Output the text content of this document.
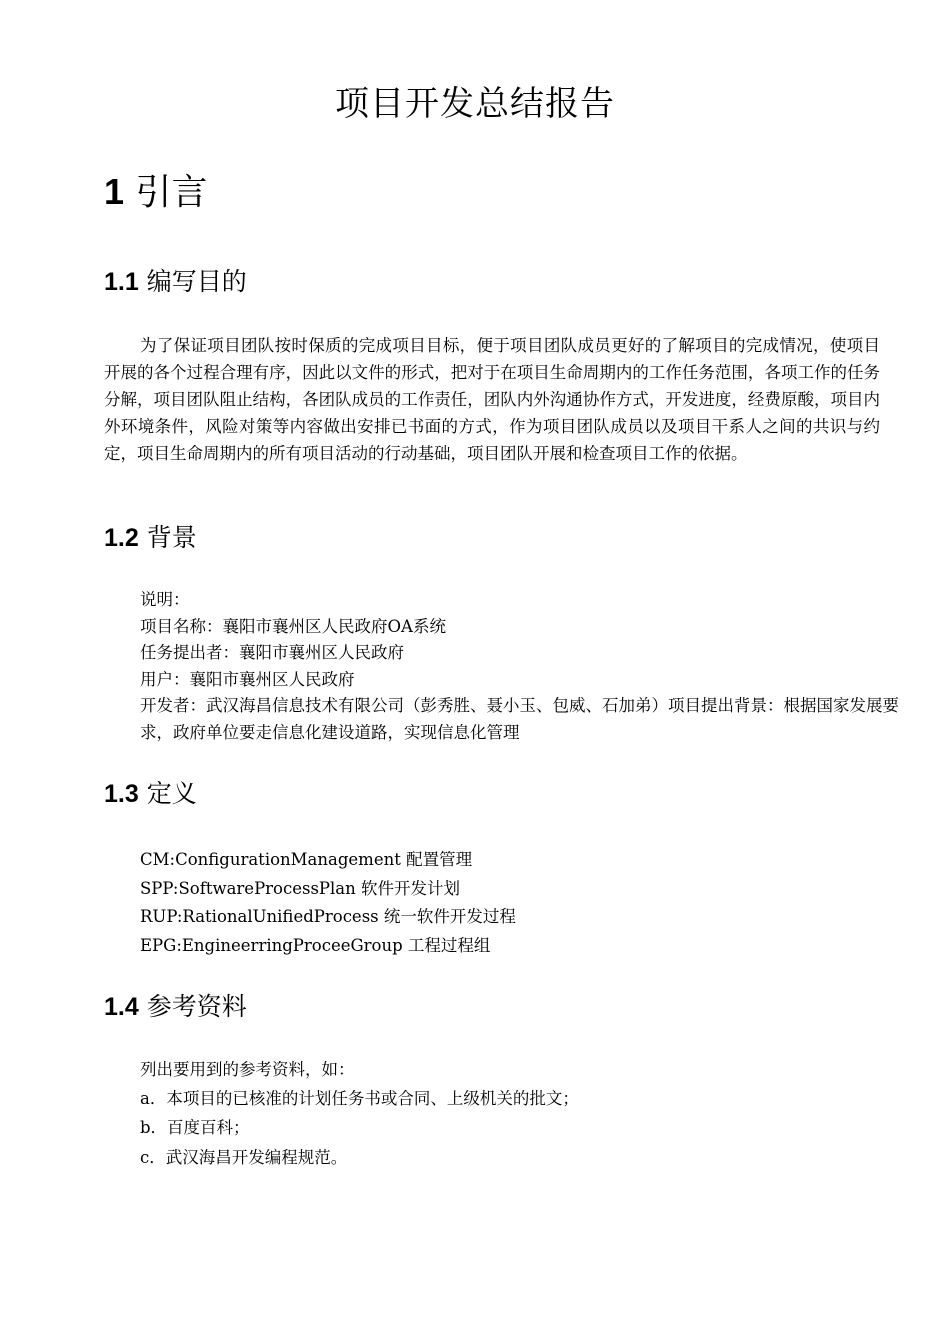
项目开发总结报告
1 引言
1.1 编写目的

为了保证项目团队按时保质的完成项目目标，便于项目团队成员更好的了解项目的完成情况，使项目开展的各个过程合理有序，因此以文件的形式，把对于在项目生命周期内的工作任务范围，各项工作的任务分解，项目团队阻止结构，各团队成员的工作责任，团队内外沟通协作方式，开发进度，经费原酸，项目内外环境条件，风险对策等内容做出安排已书面的方式，作为项目团队成员以及项目干系人之间的共识与约定，项目生命周期内的所有项目活动的行动基础，项目团队开展和检查项目工作的依据。

1.2 背景
说明：
项目名称：襄阳市襄州区人民政府OA系统
任务提出者：襄阳市襄州区人民政府
用户：襄阳市襄州区人民政府
开发者：武汉海昌信息技术有限公司（彭秀胜、聂小玉、包威、石加弟）项目提出背景：根据国家发展要求，政府单位要走信息化建设道路，实现信息化管理
1.3 定义
CM:ConfigurationManagement 配置管理
SPP:SoftwareProcessPlan 软件开发计划
RUP:RationalUnifiedProcess 统一软件开发过程
EPG:EngineerringProceeGroup 工程过程组
1.4 参考资料
列出要用到的参考资料，如：
a．本项目的已核准的计划任务书或合同、上级机关的批文；
b．百度百科；
c．武汉海昌开发编程规范。
